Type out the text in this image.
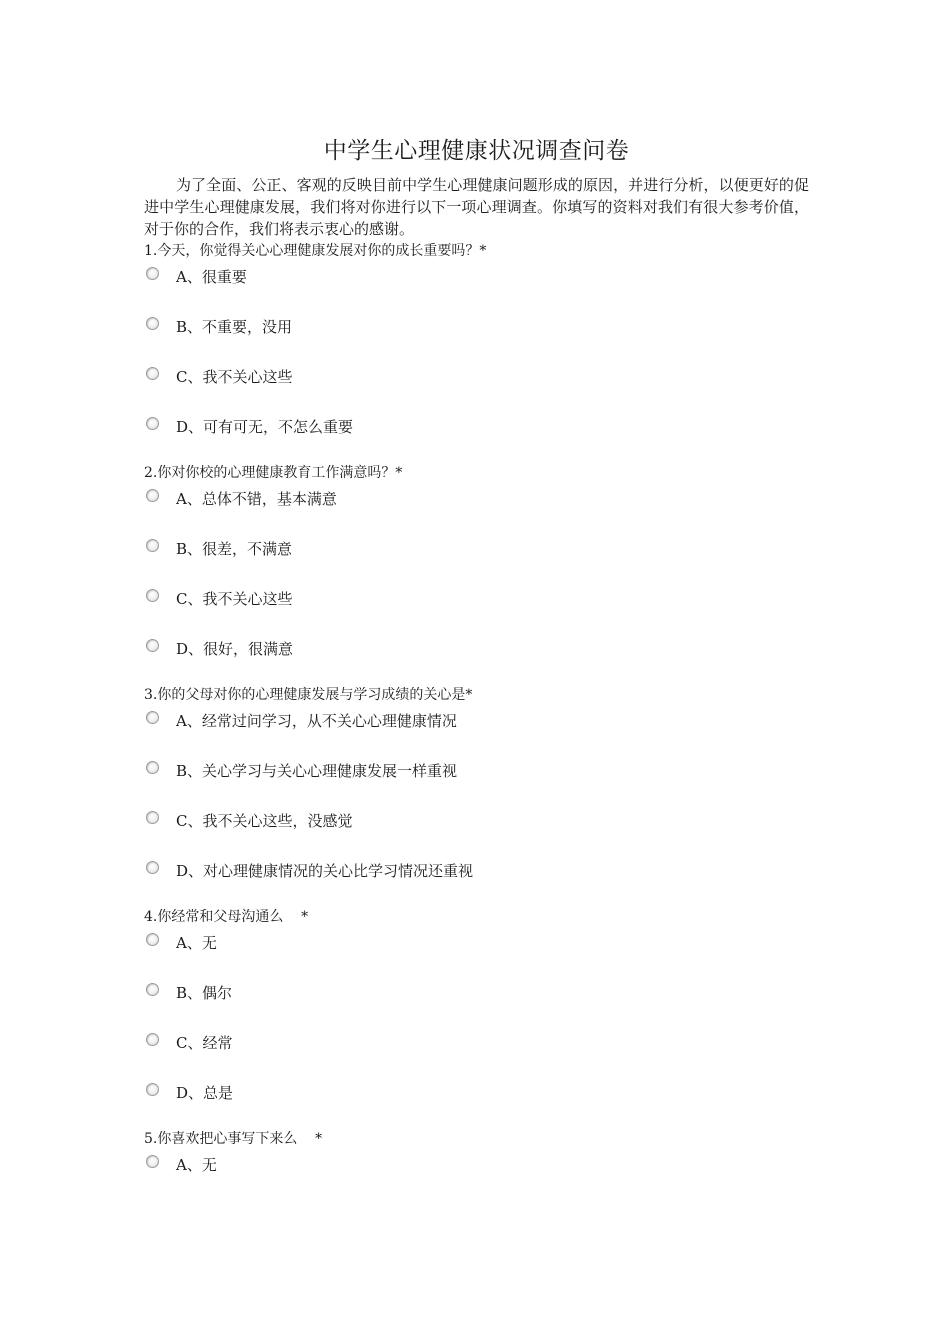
中学生心理健康状况调查问卷

为了全面、公正、客观的反映目前中学生心理健康问题形成的原因，并进行分析，以便更好的促进中学生心理健康发展，我们将对你进行以下一项心理调查。你填写的资料对我们有很大参考价值，对于你的合作，我们将表示衷心的感谢。

1.今天，你觉得关心心理健康发展对你的成长重要吗？*

A、很重要
B、不重要，没用
C、我不关心这些
D、可有可无，不怎么重要

2.你对你校的心理健康教育工作满意吗？*

A、总体不错，基本满意
B、很差，不满意
C、我不关心这些
D、很好，很满意

3.你的父母对你的心理健康发展与学习成绩的关心是*

A、经常过问学习，从不关心心理健康情况
B、关心学习与关心心理健康发展一样重视
C、我不关心这些，没感觉
D、对心理健康情况的关心比学习情况还重视

4.你经常和父母沟通么    *

A、无
B、偶尔
C、经常
D、总是

5.你喜欢把心事写下来么    *

A、无
